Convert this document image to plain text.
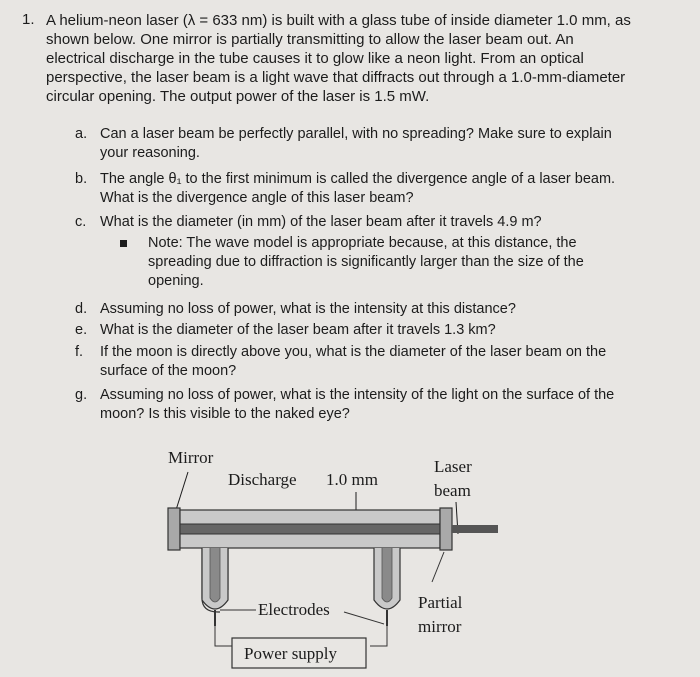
1. A helium-neon laser (λ = 633 nm) is built with a glass tube of inside diameter 1.0 mm, as
shown below. One mirror is partially transmitting to allow the laser beam out. An
electrical discharge in the tube causes it to glow like a neon light. From an optical
perspective, the laser beam is a light wave that diffracts out through a 1.0-mm-diameter
circular opening. The output power of the laser is 1.5 mW.
a. Can a laser beam be perfectly parallel, with no spreading? Make sure to explain
your reasoning.
b. The angle θ₁ to the first minimum is called the divergence angle of a laser beam.
What is the divergence angle of this laser beam?
c. What is the diameter (in mm) of the laser beam after it travels 4.9 m?
Note: The wave model is appropriate because, at this distance, the
spreading due to diffraction is significantly larger than the size of the
opening.
d. Assuming no loss of power, what is the intensity at this distance?
e. What is the diameter of the laser beam after it travels 1.3 km?
f. If the moon is directly above you, what is the diameter of the laser beam on the
surface of the moon?
g. Assuming no loss of power, what is the intensity of the light on the surface of the
moon? Is this visible to the naked eye?
Mirror
Discharge 1.0 mm
Laser
beam
Electrodes	Partial
mirror
Power supply
